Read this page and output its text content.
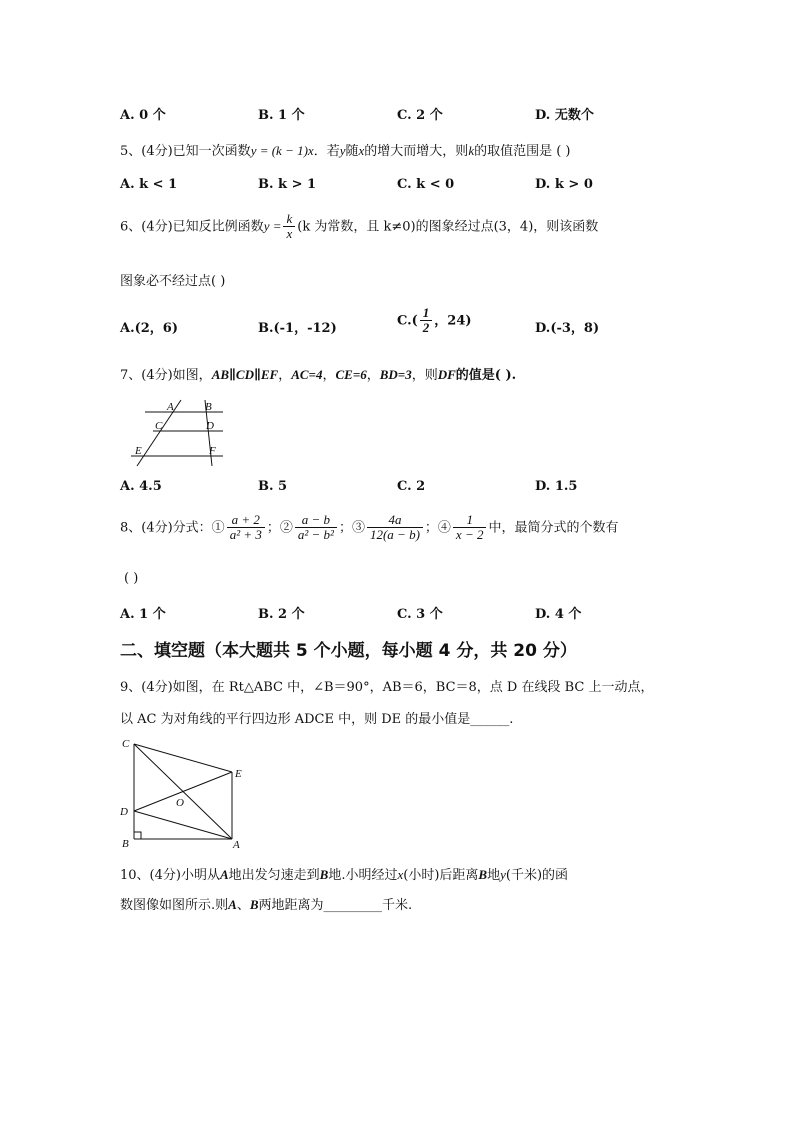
A. 0 个	B. 1 个	C. 2 个	D. 无数个
5、(4分)已知一次函数y = (k − 1)x．若y随x的增大而增大，则k的取值范围是 ( )
A. k < 1	B. k > 1	C. k < 0	D. k > 0
6、(4分)已知反比例函数$y = \frac{k}{x} (k$ 为常数，且 k≠0)的图象经过点(3，4)，则该函数
图象必不经过点( )
A.(2，6)	B.(-1，-12)
$C.( \frac{1}{2}$ ，24)
D.(-3，8)
7、(4分)如图，AB∥CD∥EF，AC=4，CE=6，BD=3，则DF的值是( ).
A	B
C	D
E	F
A. 4.5	B. 5	C. 2	D. 1.5
8、(4分)分式：① $\frac{a + 2}{\text{a² + 3}}$ ；② $\frac{a - b}{\text{a² − b²}}$ ；③ $\frac{4a}{12(a - b)}$ ；④ $\frac{1}{x - 2}$ 中，最简分式的个数有
( )
A. 1 个	B. 2 个	C. 3 个	D. 4 个
二、填空题（本大题共 5 个小题，每小题 4 分，共 20 分）
9、(4分)如图，在 Rt△ABC 中，∠B＝90°，AB＝6，BC＝8，点 D 在线段 BC 上一动点，
以 AC 为对角线的平行四边形 ADCE 中，则 DE 的最小值是______.
C
E
O
D
B	A
10、(4分)小明从A地出发匀速走到B地.小明经过x(小时)后距离B地y(千米)的函
数图像如图所示.则A、B两地距离为_________千米.
